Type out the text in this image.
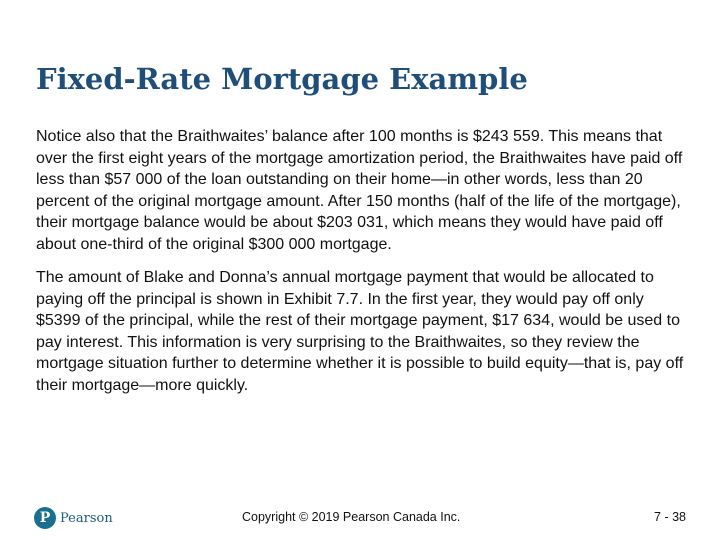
Fixed-Rate Mortgage Example

Notice also that the Braithwaites’ balance after 100 months is $243 559. This means that over the first eight years of the mortgage amortization period, the Braithwaites have paid off less than $57 000 of the loan outstanding on their home—in other words, less than 20 percent of the original mortgage amount. After 150 months (half of the life of the mortgage), their mortgage balance would be about $203 031, which means they would have paid off about one-third of the original $300 000 mortgage.

The amount of Blake and Donna’s annual mortgage payment that would be allocated to paying off the principal is shown in Exhibit 7.7. In the first year, they would pay off only $5399 of the principal, while the rest of their mortgage payment, $17 634, would be used to pay interest. This information is very surprising to the Braithwaites, so they review the mortgage situation further to determine whether it is possible to build equity—that is, pay off their mortgage—more quickly.

P Pearson	Copyright © 2019 Pearson Canada Inc.	7 - 38
